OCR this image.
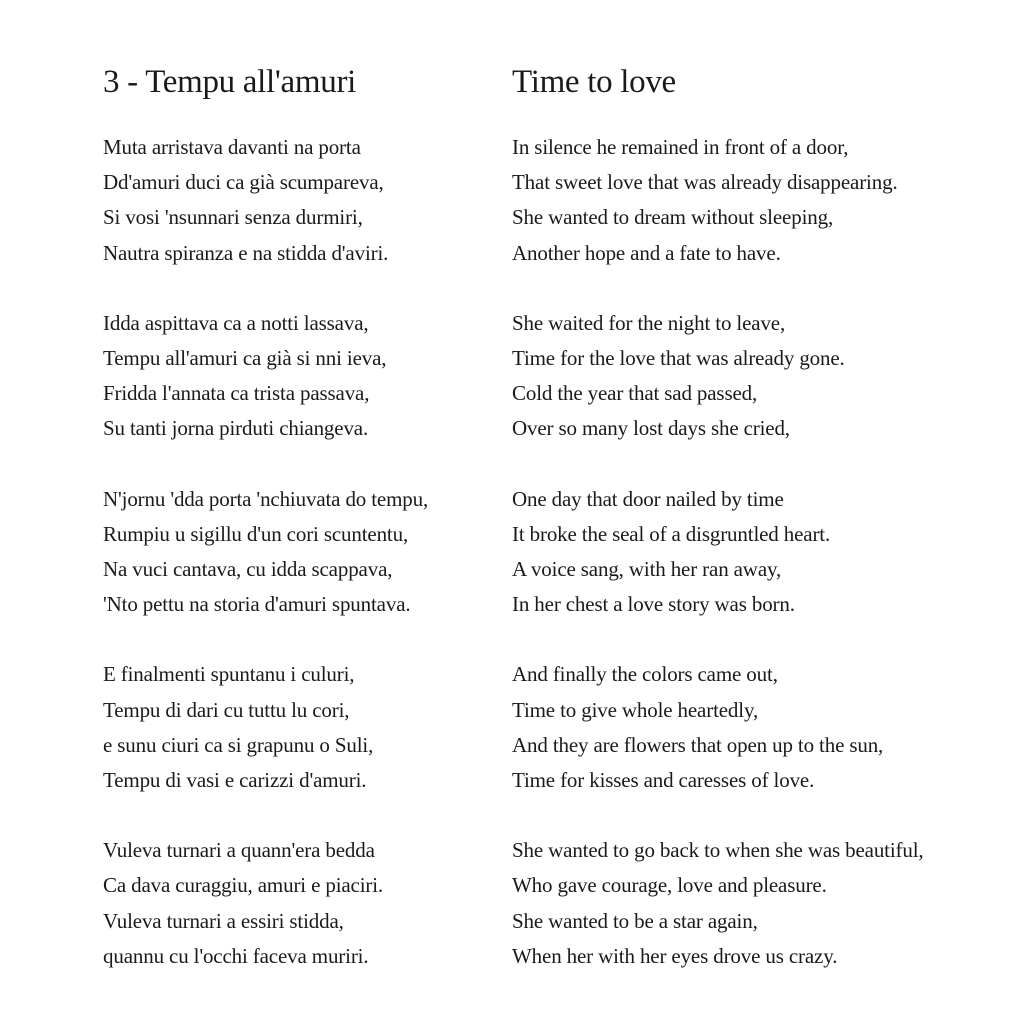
3 - Tempu all'amuri
Muta arristava davanti na porta
Dd'amuri duci ca già scumpareva,
Si vosi 'nsunnari senza durmiri,
Nautra spiranza e na stidda d'aviri.
Idda aspittava ca a notti lassava,
Tempu all'amuri ca già si nni ieva,
Fridda l'annata ca trista passava,
Su tanti jorna pirduti chiangeva.
N'jornu 'dda porta 'nchiuvata do tempu,
Rumpiu u sigillu d'un cori scuntentu,
Na vuci cantava, cu idda scappava,
'Nto pettu na storia d'amuri spuntava.
E finalmenti spuntanu i culuri,
Tempu di dari cu tuttu lu cori,
e sunu ciuri ca si grapunu o Suli,
Tempu di vasi e carizzi d'amuri.
Vuleva turnari a quann'era bedda
Ca dava curaggiu, amuri e piaciri.
Vuleva turnari a essiri stidda,
quannu cu l'occhi faceva muriri.
Time to love
In silence he remained in front of a door,
That sweet love that was already disappearing.
She wanted to dream without sleeping,
Another hope and a fate to have.
She waited for the night to leave,
Time for the love that was already gone.
Cold the year that sad passed,
Over so many lost days she cried,
One day that door nailed by time
It broke the seal of a disgruntled heart.
A voice sang, with her ran away,
In her chest a love story was born.
And finally the colors came out,
Time to give whole heartedly,
And they are flowers that open up to the sun,
Time for kisses and caresses of love.
She wanted to go back to when she was beautiful,
Who gave courage, love and pleasure.
She wanted to be a star again,
When her with her eyes drove us crazy.
